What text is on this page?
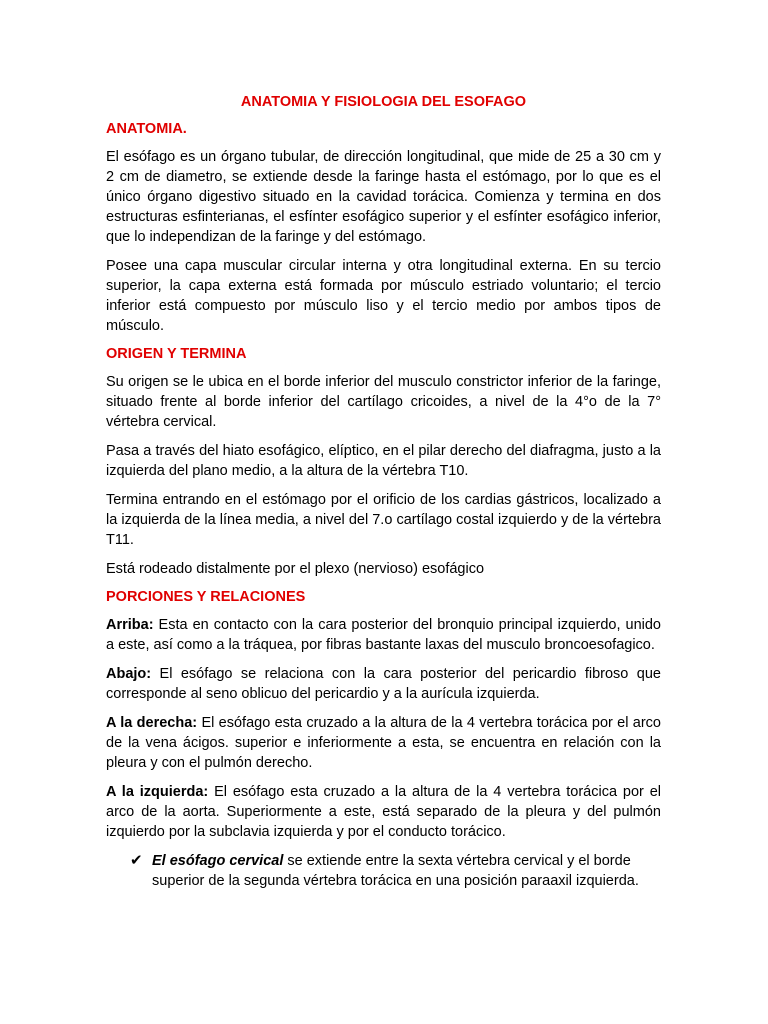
ANATOMIA Y FISIOLOGIA DEL ESOFAGO
ANATOMIA.

El esófago es un órgano tubular, de dirección longitudinal, que mide de 25 a 30 cm y 2 cm de diametro, se extiende desde la faringe hasta el estómago, por lo que es el único órgano digestivo situado en la cavidad torácica. Comienza y termina en dos estructuras esfinterianas, el esfínter esofágico superior y el esfínter esofágico inferior, que lo independizan de la faringe y del estómago.

Posee una capa muscular circular interna y otra longitudinal externa. En su tercio superior, la capa externa está formada por músculo estriado voluntario; el tercio inferior está compuesto por músculo liso y el tercio medio por ambos tipos de músculo.

ORIGEN Y TERMINA

Su origen se le ubica en el borde inferior del musculo constrictor inferior de la faringe, situado frente al borde inferior del cartílago cricoides, a nivel de la 4°o de la 7° vértebra cervical.

Pasa a través del hiato esofágico, elíptico, en el pilar derecho del diafragma, justo a la izquierda del plano medio, a la altura de la vértebra T10.

Termina entrando en el estómago por el orificio de los cardias gástricos, localizado a la izquierda de la línea media, a nivel del 7.o cartílago costal izquierdo y de la vértebra T11.

Está rodeado distalmente por el plexo (nervioso) esofágico

PORCIONES Y RELACIONES

Arriba: Esta en contacto con la cara posterior del bronquio principal izquierdo, unido a este, así como a la tráquea, por fibras bastante laxas del musculo broncoesofagico.

Abajo: El esófago se relaciona con la cara posterior del pericardio fibroso que corresponde al seno oblicuo del pericardio y a la aurícula izquierda.

A la derecha: El esófago esta cruzado a la altura de la 4 vertebra torácica por el arco de la vena ácigos. superior e inferiormente a esta, se encuentra en relación con la pleura y con el pulmón derecho.

A la izquierda: El esófago esta cruzado a la altura de la 4 vertebra torácica por el arco de la aorta. Superiormente a este, está separado de la pleura y del pulmón izquierdo por la subclavia izquierda y por el conducto torácico.

✔ El esófago cervical se extiende entre la sexta vértebra cervical y el borde superior de la segunda vértebra torácica en una posición paraaxil izquierda.
